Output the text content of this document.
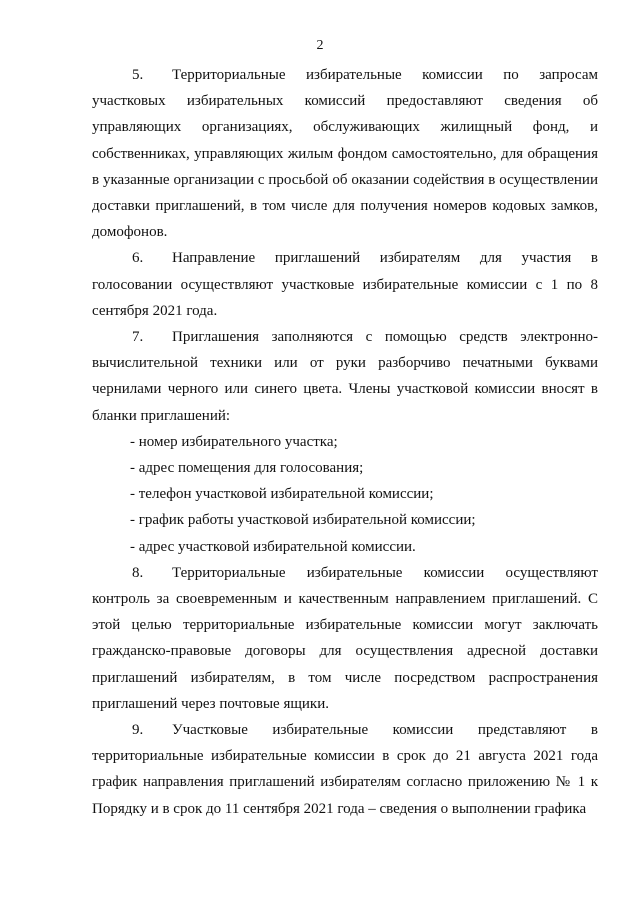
2

5. Территориальные избирательные комиссии по запросам участковых избирательных комиссий предоставляют сведения об управляющих организациях, обслуживающих жилищный фонд, и собственниках, управляющих жилым фондом самостоятельно, для обращения в указанные организации с просьбой об оказании содействия в осуществлении доставки приглашений, в том числе для получения номеров кодовых замков, домофонов.

6. Направление приглашений избирателям для участия в голосовании осуществляют участковые избирательные комиссии с 1 по 8 сентября 2021 года.

7. Приглашения заполняются с помощью средств электронно-вычислительной техники или от руки разборчиво печатными буквами чернилами черного или синего цвета. Члены участковой комиссии вносят в бланки приглашений:

- номер избирательного участка;

- адрес помещения для голосования;

- телефон участковой избирательной комиссии;

- график работы участковой избирательной комиссии;

- адрес участковой избирательной комиссии.

8. Территориальные избирательные комиссии осуществляют контроль за своевременным и качественным направлением приглашений. С этой целью территориальные избирательные комиссии могут заключать гражданско-правовые договоры для осуществления адресной доставки приглашений избирателям, в том числе посредством распространения приглашений через почтовые ящики.

9. Участковые избирательные комиссии представляют в территориальные избирательные комиссии в срок до 21 августа 2021 года график направления приглашений избирателям согласно приложению № 1 к Порядку и в срок до 11 сентября 2021 года – сведения о выполнении графика
